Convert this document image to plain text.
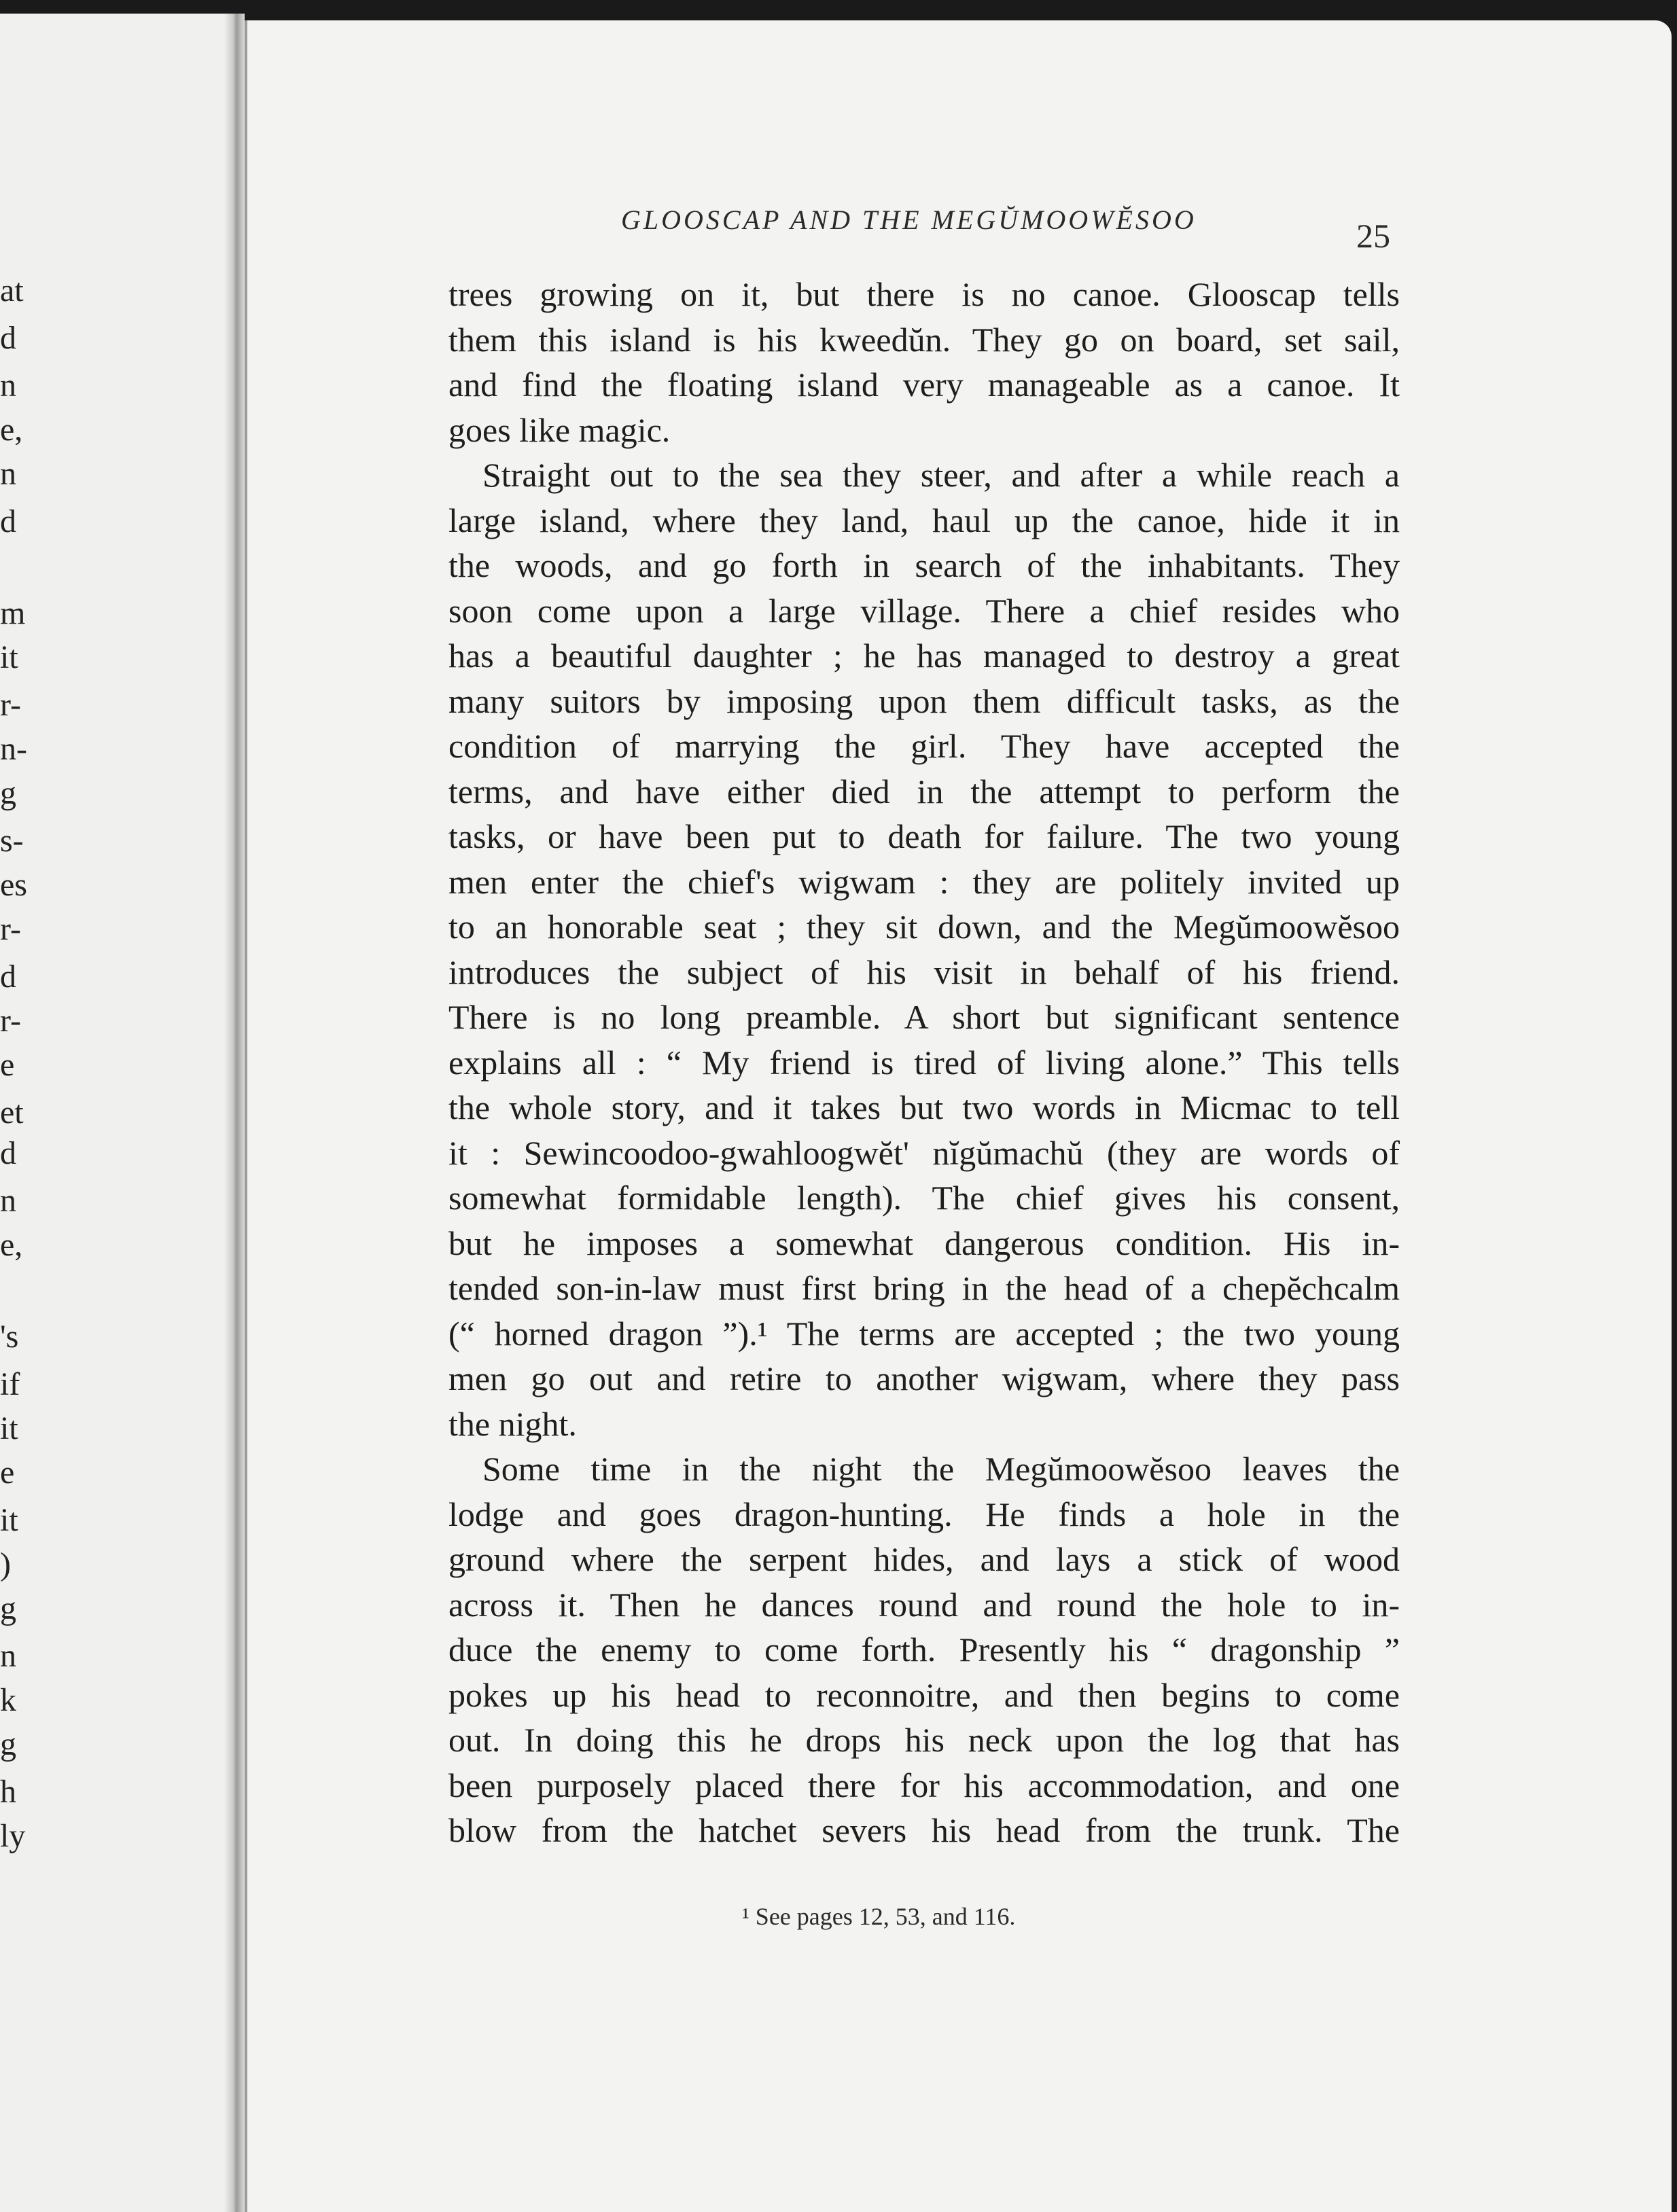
at
d
n
e,
n
d
m
it
r-
n-
g
s-
es
r-
d
r-
e
et
d
n
e,
's
if
it
e
it
)
g
n
k
g
h
ly
GLOOSCAP AND THE MEGŬMOOWĔSOO	25
trees growing on it, but there is no canoe. Glooscap tells
them this island is his kweedŭn. They go on board, set sail,
and find the floating island very manageable as a canoe. It
goes like magic.
Straight out to the sea they steer, and after a while reach a
large island, where they land, haul up the canoe, hide it in
the woods, and go forth in search of the inhabitants. They
soon come upon a large village. There a chief resides who
has a beautiful daughter ; he has managed to destroy a great
many suitors by imposing upon them difficult tasks, as the
condition of marrying the girl. They have accepted the
terms, and have either died in the attempt to perform the
tasks, or have been put to death for failure. The two young
men enter the chief's wigwam : they are politely invited up
to an honorable seat ; they sit down, and the Megŭmoowĕsoo
introduces the subject of his visit in behalf of his friend.
There is no long preamble. A short but significant sentence
explains all : “ My friend is tired of living alone.” This tells
the whole story, and it takes but two words in Micmac to tell
it : Sewincoodoo-gwahloogwĕt' nĭgŭmachŭ (they are words of
somewhat formidable length). The chief gives his consent,
but he imposes a somewhat dangerous condition. His in-
tended son-in-law must first bring in the head of a chepĕchcalm
(“ horned dragon ”).¹ The terms are accepted ; the two young
men go out and retire to another wigwam, where they pass
the night.
Some time in the night the Megŭmoowĕsoo leaves the
lodge and goes dragon-hunting. He finds a hole in the
ground where the serpent hides, and lays a stick of wood
across it. Then he dances round and round the hole to in-
duce the enemy to come forth. Presently his “ dragonship ”
pokes up his head to reconnoitre, and then begins to come
out. In doing this he drops his neck upon the log that has
been purposely placed there for his accommodation, and one
blow from the hatchet severs his head from the trunk. The
¹ See pages 12, 53, and 116.
